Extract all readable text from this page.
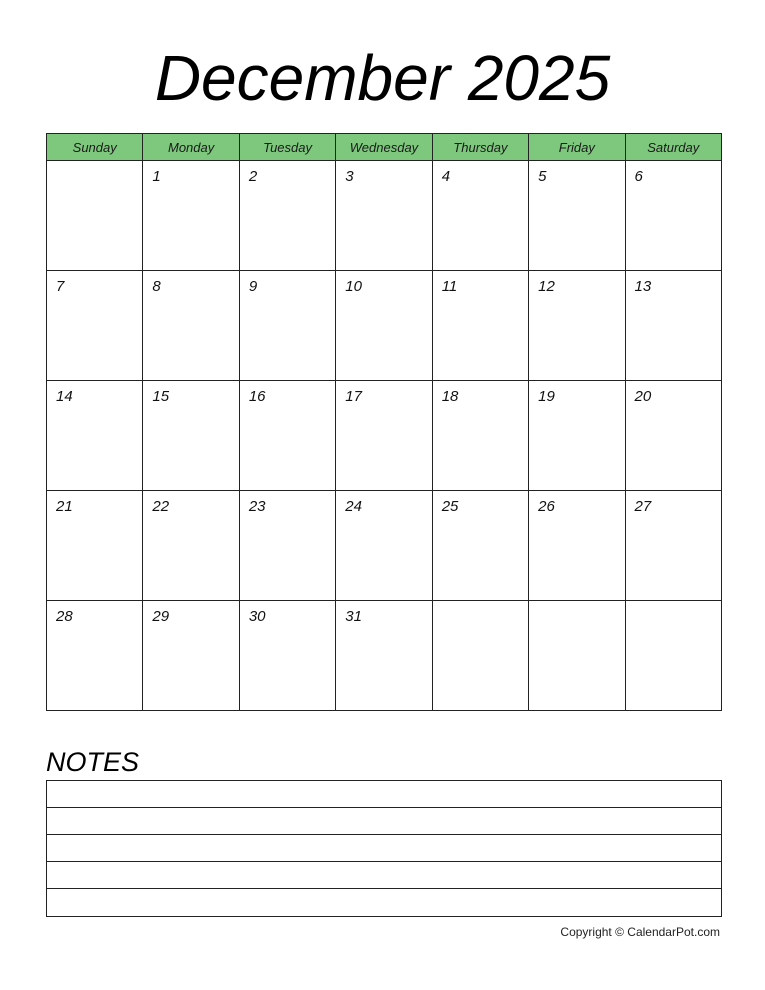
December 2025
Sunday	Monday	Tuesday	Wednesday	Thursday	Friday	Saturday

	1	2	3	4	5	6

7	8	9	10	11	12	13

14	15	16	17	18	19	20

21	22	23	24	25	26	27

28	29	30	31			

NOTES
Copyright © CalendarPot.com
